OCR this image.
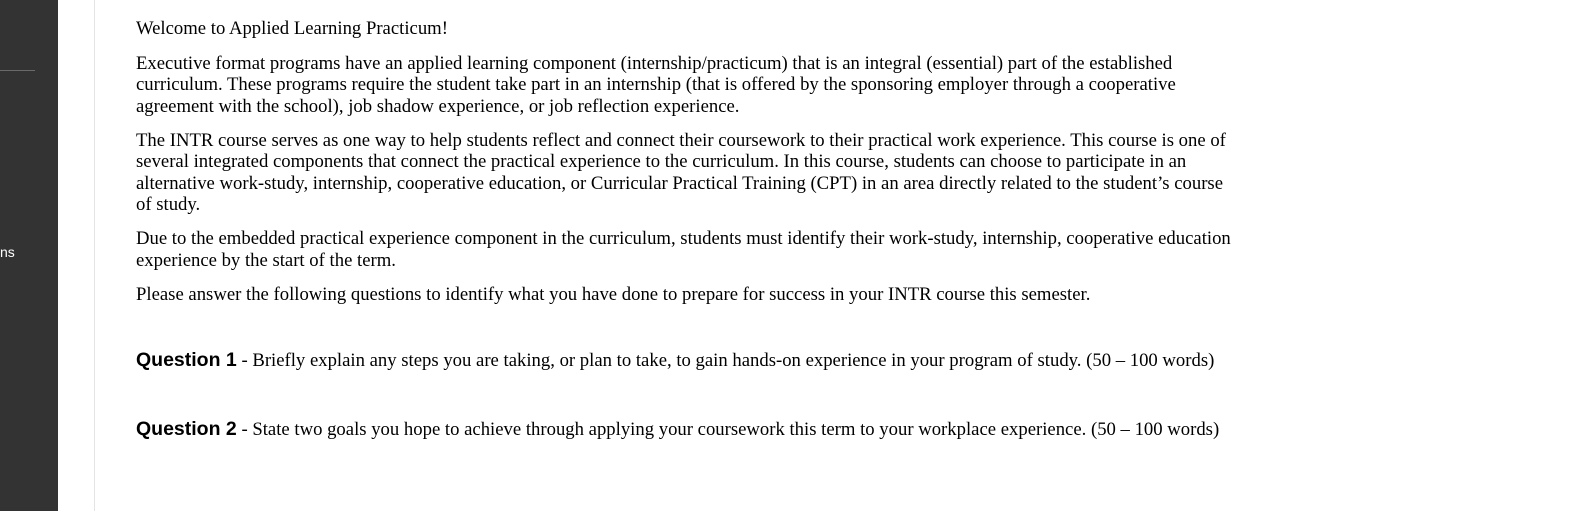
ns

Welcome to Applied Learning Practicum!

Executive format programs have an applied learning component (internship/practicum) that is an integral (essential) part of the established curriculum. These programs require the student take part in an internship (that is offered by the sponsoring employer through a cooperative agreement with the school), job shadow experience, or job reflection experience.

The INTR course serves as one way to help students reflect and connect their coursework to their practical work experience. This course is one of several integrated components that connect the practical experience to the curriculum. In this course, students can choose to participate in an alternative work-study, internship, cooperative education, or Curricular Practical Training (CPT) in an area directly related to the student’s course of study.

Due to the embedded practical experience component in the curriculum, students must identify their work-study, internship, cooperative education experience by the start of the term.

Please answer the following questions to identify what you have done to prepare for success in your INTR course this semester.

Question 1 - Briefly explain any steps you are taking, or plan to take, to gain hands-on experience in your program of study. (50 – 100 words)

Question 2 - State two goals you hope to achieve through applying your coursework this term to your workplace experience. (50 – 100 words)
